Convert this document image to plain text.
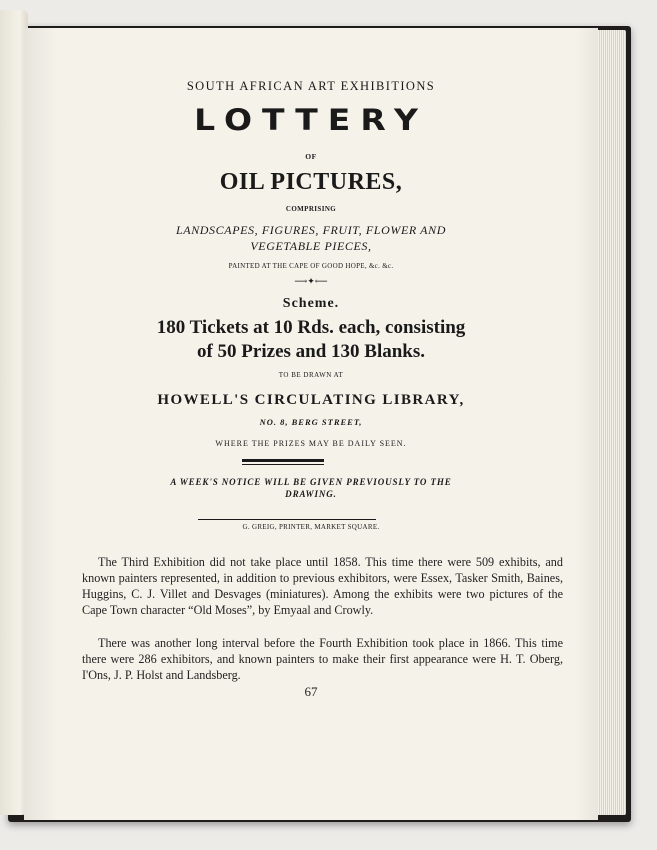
SOUTH AFRICAN ART EXHIBITIONS
LOTTERY
OF
OIL PICTURES,
COMPRISING
LANDSCAPES, FIGURES, FRUIT, FLOWER AND
VEGETABLE PIECES,
PAINTED AT THE CAPE OF GOOD HOPE, &c. &c.
⟶✦⟵
Scheme.
180 Tickets at 10 Rds. each, consisting
of 50 Prizes and 130 Blanks.
TO BE DRAWN AT
HOWELL'S CIRCULATING LIBRARY,
NO. 8, BERG STREET,
WHERE THE PRIZES MAY BE DAILY SEEN.
A WEEK'S NOTICE WILL BE GIVEN PREVIOUSLY TO THE
DRAWING.
G. GREIG, PRINTER, MARKET SQUARE.

The Third Exhibition did not take place until 1858. This time there were 509 exhibits, and known painters represented, in addition to previous exhibitors, were Essex, Tasker Smith, Baines, Huggins, C. J. Villet and Desvages (miniatures). Among the exhibits were two pictures of the Cape Town character “Old Moses”, by Emyaal and Crowly.

There was another long interval before the Fourth Exhibition took place in 1866. This time there were 286 exhibitors, and known painters to make their first appearance were H. T. Oberg, I'Ons, J. P. Holst and Landsberg.

67
